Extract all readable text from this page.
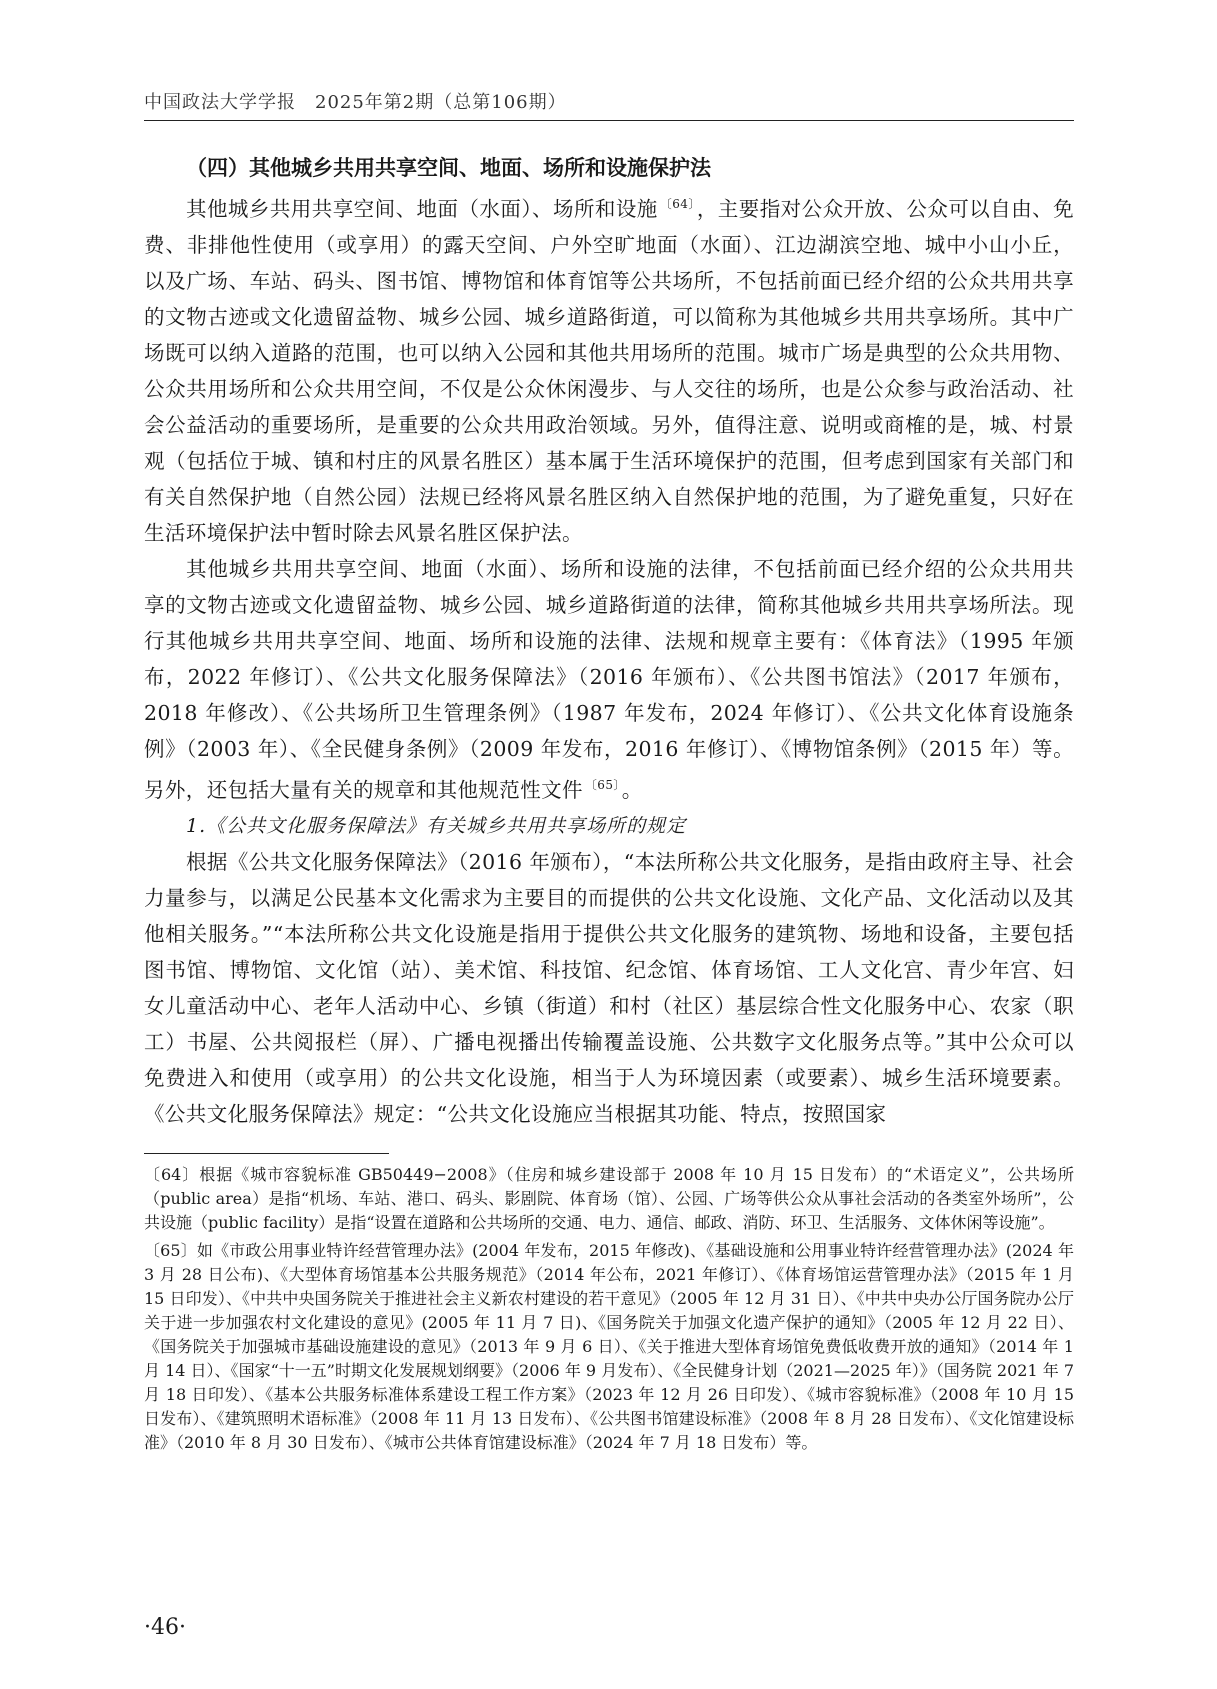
中国政法大学学报　2025年第2期（总第106期）

（四）其他城乡共用共享空间、地面、场所和设施保护法

其他城乡共用共享空间、地面（水面）、场所和设施 $^{〔64〕}$，主要指对公众开放、公众可以自由、免费、非排他性使用（或享用）的露天空间、户外空旷地面（水面）、江边湖滨空地、城中小山小丘，以及广场、车站、码头、图书馆、博物馆和体育馆等公共场所，不包括前面已经介绍的公众共用共享的文物古迹或文化遗留益物、城乡公园、城乡道路街道，可以简称为其他城乡共用共享场所。其中广场既可以纳入道路的范围，也可以纳入公园和其他共用场所的范围。城市广场是典型的公众共用物、公众共用场所和公众共用空间，不仅是公众休闲漫步、与人交往的场所，也是公众参与政治活动、社会公益活动的重要场所，是重要的公众共用政治领域。另外，值得注意、说明或商榷的是，城、村景观（包括位于城、镇和村庄的风景名胜区）基本属于生活环境保护的范围，但考虑到国家有关部门和有关自然保护地（自然公园）法规已经将风景名胜区纳入自然保护地的范围，为了避免重复，只好在生活环境保护法中暂时除去风景名胜区保护法。

其他城乡共用共享空间、地面（水面）、场所和设施的法律，不包括前面已经介绍的公众共用共享的文物古迹或文化遗留益物、城乡公园、城乡道路街道的法律，简称其他城乡共用共享场所法。现行其他城乡共用共享空间、地面、场所和设施的法律、法规和规章主要有：《体育法》（1995 年颁布，2022 年修订）、《公共文化服务保障法》（2016 年颁布）、《公共图书馆法》（2017 年颁布，2018 年修改）、《公共场所卫生管理条例》（1987 年发布，2024 年修订）、《公共文化体育设施条例》（2003 年）、《全民健身条例》（2009 年发布，2016 年修订）、《博物馆条例》（2015 年）等。另外，还包括大量有关的规章和其他规范性文件 $^{〔65〕}$。

1.《公共文化服务保障法》有关城乡共用共享场所的规定

根据《公共文化服务保障法》（2016 年颁布），“本法所称公共文化服务，是指由政府主导、社会力量参与，以满足公民基本文化需求为主要目的而提供的公共文化设施、文化产品、文化活动以及其他相关服务。”“本法所称公共文化设施是指用于提供公共文化服务的建筑物、场地和设备，主要包括图书馆、博物馆、文化馆（站）、美术馆、科技馆、纪念馆、体育场馆、工人文化宫、青少年宫、妇女儿童活动中心、老年人活动中心、乡镇（街道）和村（社区）基层综合性文化服务中心、农家（职工）书屋、公共阅报栏（屏）、广播电视播出传输覆盖设施、公共数字文化服务点等。”其中公众可以免费进入和使用（或享用）的公共文化设施，相当于人为环境因素（或要素）、城乡生活环境要素。《公共文化服务保障法》规定：“公共文化设施应当根据其功能、特点，按照国家

〔64〕根据《城市容貌标准 GB50449−2008》（住房和城乡建设部于 2008 年 10 月 15 日发布）的“术语定义”，公共场所（public area）是指“机场、车站、港口、码头、影剧院、体育场（馆）、公园、广场等供公众从事社会活动的各类室外场所”，公共设施（public facility）是指“设置在道路和公共场所的交通、电力、通信、邮政、消防、环卫、生活服务、文体休闲等设施”。

〔65〕如《市政公用事业特许经营管理办法》(2004 年发布，2015 年修改)、《基础设施和公用事业特许经营管理办法》(2024 年 3 月 28 日公布)、《大型体育场馆基本公共服务规范》（2014 年公布，2021 年修订）、《体育场馆运营管理办法》（2015 年 1 月 15 日印发）、《中共中央国务院关于推进社会主义新农村建设的若干意见》（2005 年 12 月 31 日）、《中共中央办公厅国务院办公厅关于进一步加强农村文化建设的意见》(2005 年 11 月 7 日)、《国务院关于加强文化遗产保护的通知》（2005 年 12 月 22 日）、《国务院关于加强城市基础设施建设的意见》（2013 年 9 月 6 日）、《关于推进大型体育场馆免费低收费开放的通知》（2014 年 1 月 14 日）、《国家“十一五”时期文化发展规划纲要》（2006 年 9 月发布）、《全民健身计划（2021—2025 年）》（国务院 2021 年 7 月 18 日印发）、《基本公共服务标准体系建设工程工作方案》（2023 年 12 月 26 日印发）、《城市容貌标准》（2008 年 10 月 15 日发布）、《建筑照明术语标准》（2008 年 11 月 13 日发布）、《公共图书馆建设标准》（2008 年 8 月 28 日发布）、《文化馆建设标准》（2010 年 8 月 30 日发布）、《城市公共体育馆建设标准》（2024 年 7 月 18 日发布）等。

·46·
